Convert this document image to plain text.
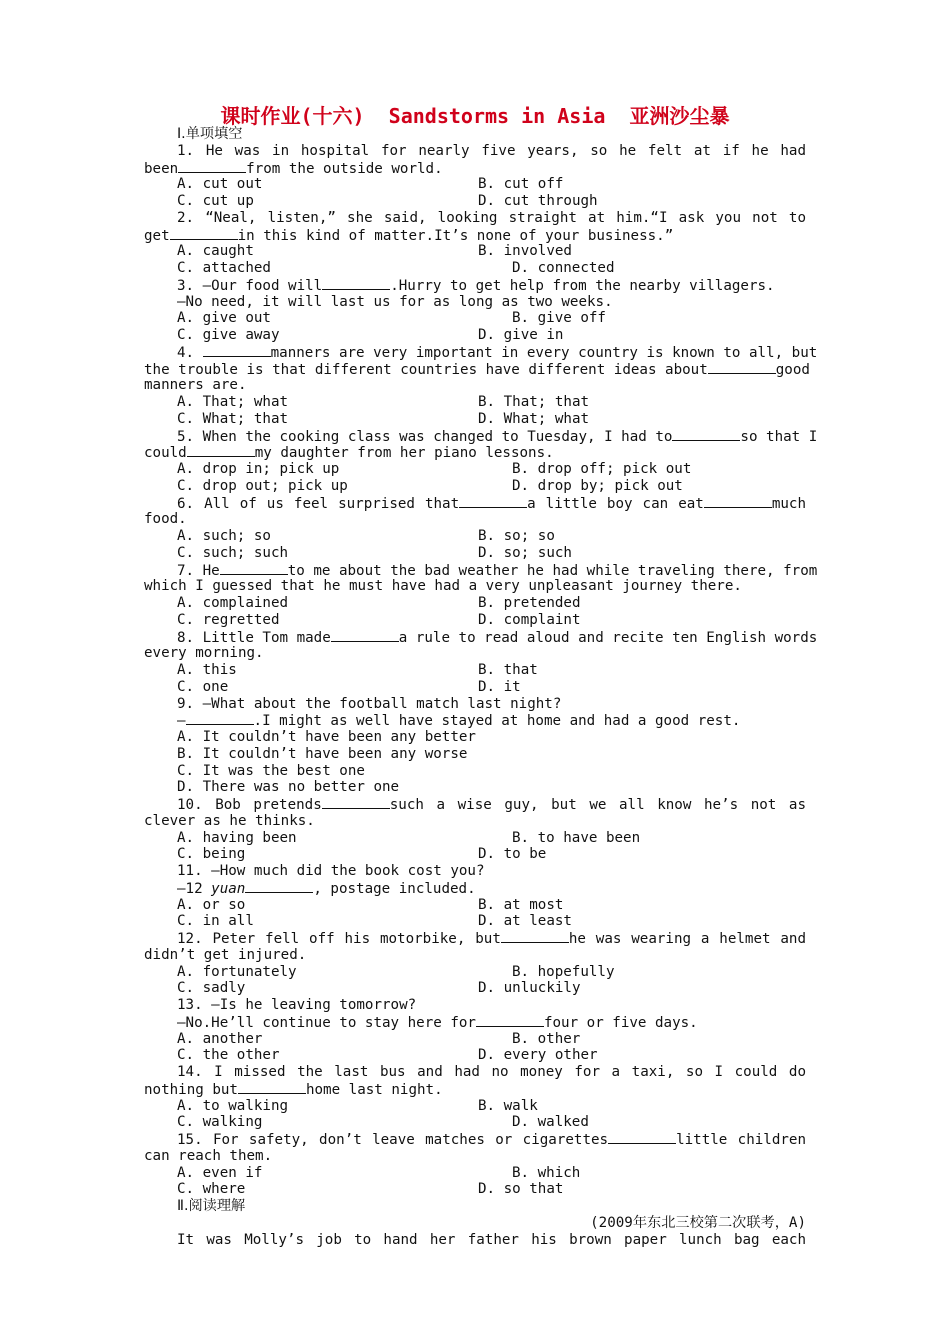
课时作业(十六)  Sandstorms in Asia  亚洲沙尘暴
Ⅰ.单项填空
1. He was in hospital for nearly five years, so he felt at if he had
been	from the outside world.
A. cut out	B. cut off
C. cut up	D. cut through
2. “Neal, listen,” she said, looking straight at him.“I ask you not to
get	in this kind of matter.It’s none of your business.”
A. caught	B. involved
C. attached	D. connected
3. —Our food will	.Hurry to get help from the nearby villagers.
—No need, it will last us for as long as two weeks.
A. give out	B. give off
C. give away	D. give in
4.	manners are very important in every country is known to all, but
the trouble is that different countries have different ideas about	good
manners are.
A. That; what	B. That; that
C. What; that	D. What; what
5. When the cooking class was changed to Tuesday, I had to	so that I
could	my daughter from her piano lessons.
A. drop in; pick up	B. drop off; pick out
C. drop out; pick up	D. drop by; pick out
6. All of us feel surprised that	a little boy can eat	much
food.
A. such; so	B. so; so
C. such; such	D. so; such
7. He	to me about the bad weather he had while traveling there, from
which I guessed that he must have had a very unpleasant journey there.
A. complained	B. pretended
C. regretted	D. complaint
8. Little Tom made	a rule to read aloud and recite ten English words
every morning.
A. this	B. that
C. one	D. it
9. —What about the football match last night?
—	.I might as well have stayed at home and had a good rest.
A. It couldn’t have been any better
B. It couldn’t have been any worse
C. It was the best one
D. There was no better one
10. Bob pretends	such a wise guy, but we all know he’s not as
clever as he thinks.
A. having been	B. to have been
C. being	D. to be
11. —How much did the book cost you?
—12 yuan	, postage included.
A. or so	B. at most
C. in all	D. at least
12. Peter fell off his motorbike, but	he was wearing a helmet and
didn’t get injured.
A. fortunately	B. hopefully
C. sadly	D. unluckily
13. —Is he leaving tomorrow?
—No.He’ll continue to stay here for	four or five days.
A. another	B. other
C. the other	D. every other
14. I missed the last bus and had no money for a taxi, so I could do
nothing but	home last night.
A. to walking	B. walk
C. walking	D. walked
15. For safety, don’t leave matches or cigarettes	little children
can reach them.
A. even if	B. which
C. where	D. so that
Ⅱ.阅读理解
(2009年东北三校第二次联考，A)
It was Molly’s job to hand her father his brown paper lunch bag each
